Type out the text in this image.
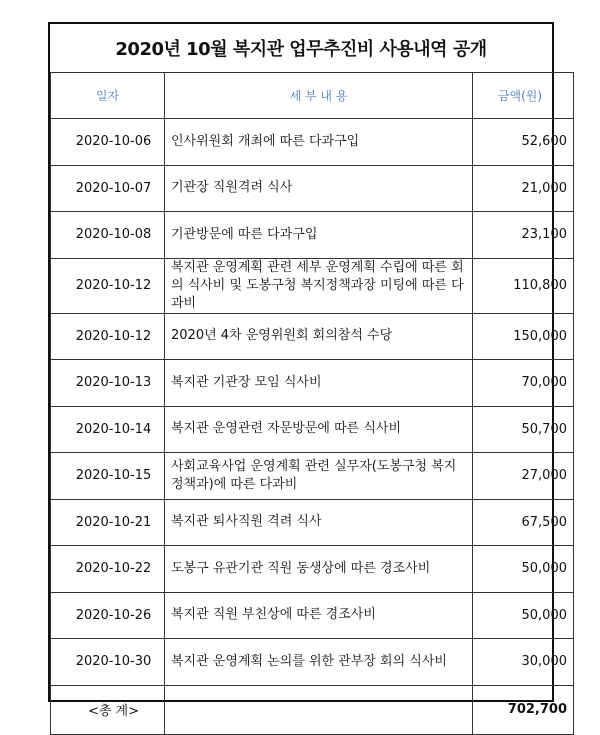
2020년 10월 복지관 업무추진비 사용내역 공개
일자	세 부 내 용	금액(원)
2020-10-06	인사위원회 개최에 따른 다과구입	52,600
2020-10-07	기관장 직원격려 식사	21,000
2020-10-08	기관방문에 따른 다과구입	23,100
2020-10-12	복지관 운영계획 관련 세부 운영계획 수립에 따른 회의 식사비 및 도봉구청 복지정책과장 미팅에 따른 다과비	110,800
2020-10-12	2020년 4차 운영위원회 회의참석 수당	150,000
2020-10-13	복지관 기관장 모임 식사비	70,000
2020-10-14	복지관 운영관련 자문방문에 따른 식사비	50,700
2020-10-15	사회교육사업 운영계획 관련 실무자(도봉구청 복지정책과)에 따른 다과비	27,000
2020-10-21	복지관 퇴사직원 격려 식사	67,500
2020-10-22	도봉구 유관기관 직원 동생상에 따른 경조사비	50,000
2020-10-26	복지관 직원 부친상에 따른 경조사비	50,000
2020-10-30	복지관 운영계획 논의를 위한 관부장 회의 식사비	30,000
<총 계>		702,700
